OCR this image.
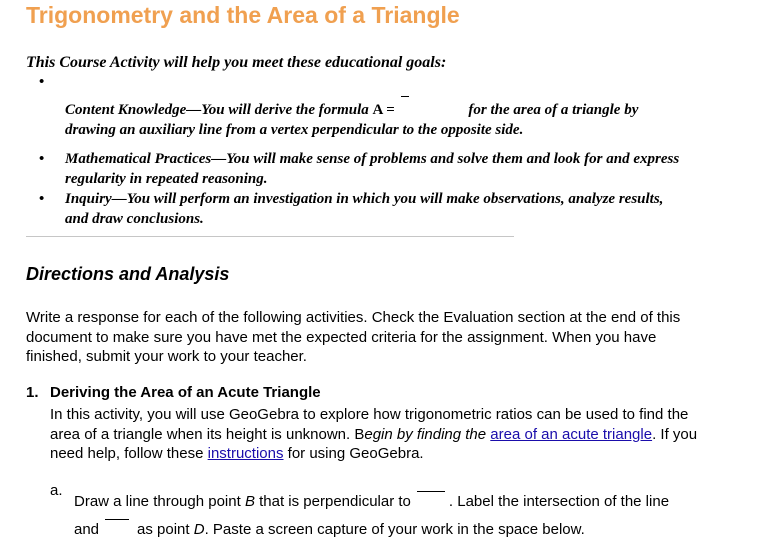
Trigonometry and the Area of a Triangle

This Course Activity will help you meet these educational goals:

•
Content Knowledge—You will derive the formula A =	for the area of a triangle by drawing an auxiliary line from a vertex perpendicular to the opposite side.
• Mathematical Practices—You will make sense of problems and solve them and look for and express regularity in repeated reasoning.
• Inquiry—You will perform an investigation in which you will make observations, analyze results, and draw conclusions.
Directions and Analysis

Write a response for each of the following activities. Check the Evaluation section at the end of this document to make sure you have met the expected criteria for the assignment. When you have finished, submit your work to your teacher.

1. Deriving the Area of an Acute Triangle

In this activity, you will use GeoGebra to explore how trigonometric ratios can be used to find the area of a triangle when its height is unknown. Begin by finding the area of an acute triangle. If you need help, follow these instructions for using GeoGebra.

a.

Draw a line through point B that is perpendicular to	. Label the intersection of the line and	as point D. Paste a screen capture of your work in the space below.
